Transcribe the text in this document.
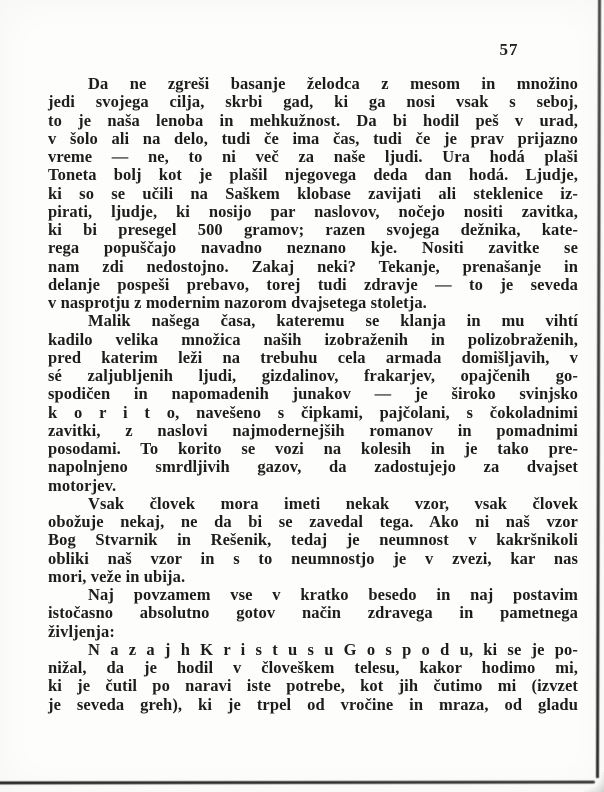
57
Da ne zgreši basanje želodca z mesom in množino
jedi svojega cilja, skrbi gad, ki ga nosi vsak s seboj,
to je naša lenoba in mehkužnost. Da bi hodil peš v urad,
v šolo ali na delo, tudi če ima čas, tudi če je prav prijazno
vreme — ne, to ni več za naše ljudi. Ura hodá plaši
Toneta bolj kot je plašil njegovega deda dan hodá. Ljudje,
ki so se učili na Saškem klobase zavijati ali steklenice iz-
pirati, ljudje, ki nosijo par naslovov, nočejo nositi zavitka,
ki bi presegel 500 gramov; razen svojega dežnika, kate-
rega popuščajo navadno neznano kje. Nositi zavitke se
nam zdi nedostojno. Zakaj neki? Tekanje, prenašanje in
delanje pospeši prebavo, torej tudi zdravje — to je seveda
v nasprotju z modernim nazorom dvajsetega stoletja.
Malik našega časa, kateremu se klanja in mu vihtí
kadilo velika množica naših izobraženih in polizobraženih,
pred katerim leži na trebuhu cela armada domišljavih, v
sé zaljubljenih ljudi, gizdalinov, frakarjev, opajčenih go-
spodičen in napomadenih junakov — je široko svinjsko
k o r i t o, navešeno s čipkami, pajčolani, s čokoladnimi
zavitki, z naslovi najmodernejših romanov in pomadnimi
posodami. To korito se vozi na kolesih in je tako pre-
napolnjeno smrdljivih gazov, da zadostujejo za dvajset
motorjev.
Vsak človek mora imeti nekak vzor, vsak človek
obožuje nekaj, ne da bi se zavedal tega. Ako ni naš vzor
Bog Stvarnik in Rešenik, tedaj je neumnost v kakršnikoli
obliki naš vzor in s to neumnostjo je v zvezi, kar nas
mori, veže in ubija.
Naj povzamem vse v kratko besedo in naj postavim
istočasno absolutno gotov način zdravega in pametnega
življenja:
N a z a j h K r i s t u s u G o s p o d u, ki se je po-
nižal, da je hodil v človeškem telesu, kakor hodimo mi,
ki je čutil po naravi iste potrebe, kot jih čutimo mi (izvzet
je seveda greh), ki je trpel od vročine in mraza, od gladu
